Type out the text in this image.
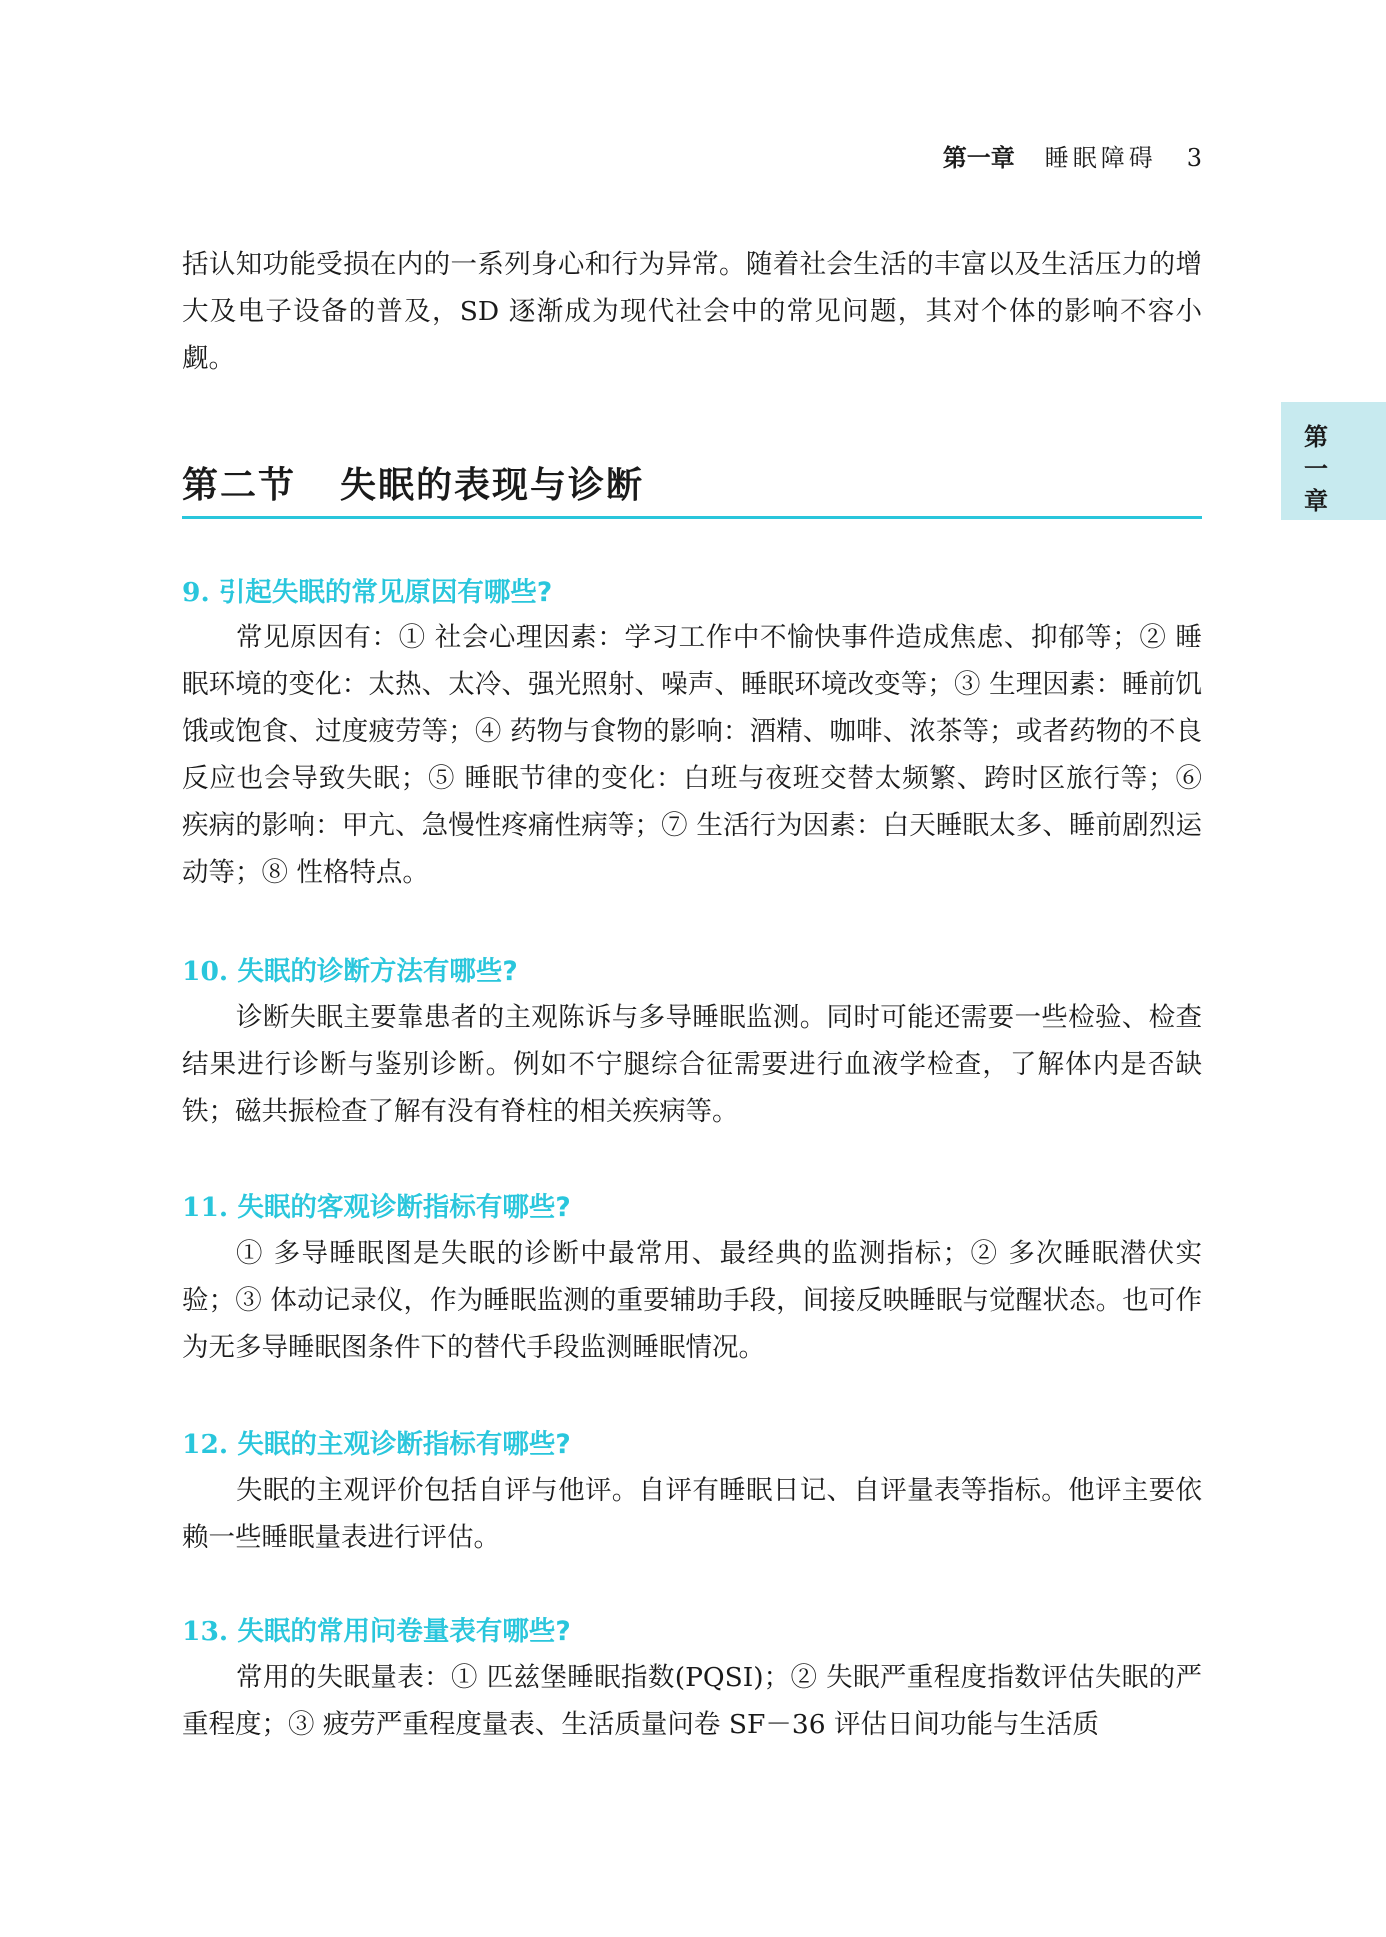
第一章 睡眠障碍 3
第一章

括认知功能受损在内的一系列身心和行为异常。随着社会生活的丰富以及生活压力的增大及电子设备的普及，SD 逐渐成为现代社会中的常见问题，其对个体的影响不容小觑。

第二节 失眠的表现与诊断
9. 引起失眠的常见原因有哪些?

常见原因有：① 社会心理因素：学习工作中不愉快事件造成焦虑、抑郁等；② 睡眠环境的变化：太热、太冷、强光照射、噪声、睡眠环境改变等；③ 生理因素：睡前饥饿或饱食、过度疲劳等；④ 药物与食物的影响：酒精、咖啡、浓茶等；或者药物的不良反应也会导致失眠；⑤ 睡眠节律的变化：白班与夜班交替太频繁、跨时区旅行等；⑥ 疾病的影响：甲亢、急慢性疼痛性病等；⑦ 生活行为因素：白天睡眠太多、睡前剧烈运动等；⑧ 性格特点。

10. 失眠的诊断方法有哪些?

诊断失眠主要靠患者的主观陈诉与多导睡眠监测。同时可能还需要一些检验、检查结果进行诊断与鉴别诊断。例如不宁腿综合征需要进行血液学检查，了解体内是否缺铁；磁共振检查了解有没有脊柱的相关疾病等。

11. 失眠的客观诊断指标有哪些?

① 多导睡眠图是失眠的诊断中最常用、最经典的监测指标；② 多次睡眠潜伏实验；③ 体动记录仪，作为睡眠监测的重要辅助手段，间接反映睡眠与觉醒状态。也可作为无多导睡眠图条件下的替代手段监测睡眠情况。

12. 失眠的主观诊断指标有哪些?

失眠的主观评价包括自评与他评。自评有睡眠日记、自评量表等指标。他评主要依赖一些睡眠量表进行评估。

13. 失眠的常用问卷量表有哪些?

常用的失眠量表：① 匹兹堡睡眠指数(PQSI)；② 失眠严重程度指数评估失眠的严重程度；③ 疲劳严重程度量表、生活质量问卷 SF－36 评估日间功能与生活质
